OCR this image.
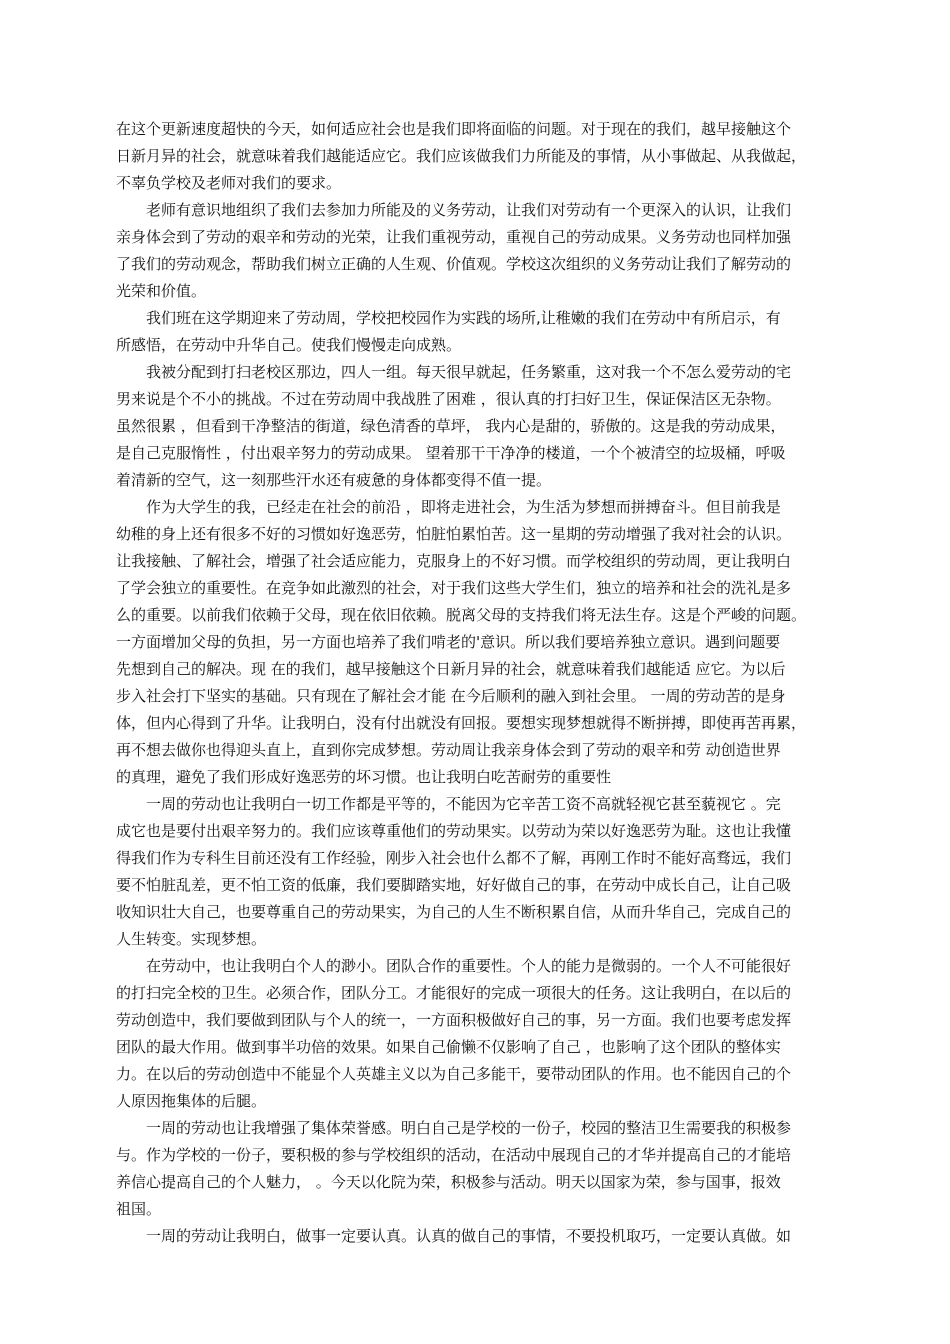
在这个更新速度超快的今天，如何适应社会也是我们即将面临的问题。对于现在的我们，越早接触这个
日新月异的社会，就意味着我们越能适应它。我们应该做我们力所能及的事情，从小事做起、从我做起，
不辜负学校及老师对我们的要求。
老师有意识地组织了我们去参加力所能及的义务劳动，让我们对劳动有一个更深入的认识，让我们
亲身体会到了劳动的艰辛和劳动的光荣，让我们重视劳动，重视自己的劳动成果。义务劳动也同样加强
了我们的劳动观念，帮助我们树立正确的人生观、价值观。学校这次组织的义务劳动让我们了解劳动的
光荣和价值。
我们班在这学期迎来了劳动周，学校把校园作为实践的场所,让稚嫩的我们在劳动中有所启示，有
所感悟，在劳动中升华自己。使我们慢慢走向成熟。
我被分配到打扫老校区那边，四人一组。每天很早就起，任务繁重，这对我一个不怎么爱劳动的宅
男来说是个不小的挑战。不过在劳动周中我战胜了困难 ，很认真的打扫好卫生，保证保洁区无杂物。
虽然很累 ，但看到干净整洁的街道，绿色清香的草坪， 我内心是甜的，骄傲的。这是我的劳动成果，
是自己克服惰性 ，付出艰辛努力的劳动成果。 望着那干干净净的楼道，一个个被清空的垃圾桶，呼吸
着清新的空气，这一刻那些汗水还有疲惫的身体都变得不值一提。
作为大学生的我，已经走在社会的前沿 ，即将走进社会，为生活为梦想而拼搏奋斗。但目前我是
幼稚的身上还有很多不好的习惯如好逸恶劳，怕脏怕累怕苦。这一星期的劳动增强了我对社会的认识。
让我接触、了解社会，增强了社会适应能力，克服身上的不好习惯。而学校组织的劳动周，更让我明白
了学会独立的重要性。在竞争如此激烈的社会，对于我们这些大学生们，独立的培养和社会的洗礼是多
么的重要。以前我们依赖于父母，现在依旧依赖。脱离父母的支持我们将无法生存。这是个严峻的问题。
一方面增加父母的负担，另一方面也培养了我们啃老的'意识。所以我们要培养独立意识。遇到问题要
先想到自己的解决。现 在的我们，越早接触这个日新月异的社会，就意味着我们越能适 应它。为以后
步入社会打下坚实的基础。只有现在了解社会才能 在今后顺利的融入到社会里。 一周的劳动苦的是身
体，但内心得到了升华。让我明白，没有付出就没有回报。要想实现梦想就得不断拼搏，即使再苦再累，
再不想去做你也得迎头直上，直到你完成梦想。劳动周让我亲身体会到了劳动的艰辛和劳 动创造世界
的真理，避免了我们形成好逸恶劳的坏习惯。也让我明白吃苦耐劳的重要性
一周的劳动也让我明白一切工作都是平等的，不能因为它辛苦工资不高就轻视它甚至藐视它 。完
成它也是要付出艰辛努力的。我们应该尊重他们的劳动果实。以劳动为荣以好逸恶劳为耻。这也让我懂
得我们作为专科生目前还没有工作经验，刚步入社会也什么都不了解，再刚工作时不能好高骛远，我们
要不怕脏乱差，更不怕工资的低廉，我们要脚踏实地，好好做自己的事，在劳动中成长自己，让自己吸
收知识壮大自己，也要尊重自己的劳动果实，为自己的人生不断积累自信，从而升华自己，完成自己的
人生转变。实现梦想。
在劳动中，也让我明白个人的渺小。团队合作的重要性。个人的能力是微弱的。一个人不可能很好
的打扫完全校的卫生。必须合作，团队分工。才能很好的完成一项很大的任务。这让我明白，在以后的
劳动创造中，我们要做到团队与个人的统一，一方面积极做好自己的事，另一方面。我们也要考虑发挥
团队的最大作用。做到事半功倍的效果。如果自己偷懒不仅影响了自己 ，也影响了这个团队的整体实
力。在以后的劳动创造中不能显个人英雄主义以为自己多能干，要带动团队的作用。也不能因自己的个
人原因拖集体的后腿。
一周的劳动也让我增强了集体荣誉感。明白自己是学校的一份子，校园的整洁卫生需要我的积极参
与。作为学校的一份子，要积极的参与学校组织的活动，在活动中展现自己的才华并提高自己的才能培
养信心提高自己的个人魅力， 。今天以化院为荣，积极参与活动。明天以国家为荣，参与国事，报效
祖国。
一周的劳动让我明白，做事一定要认真。认真的做自己的事情，不要投机取巧，一定要认真做。如
